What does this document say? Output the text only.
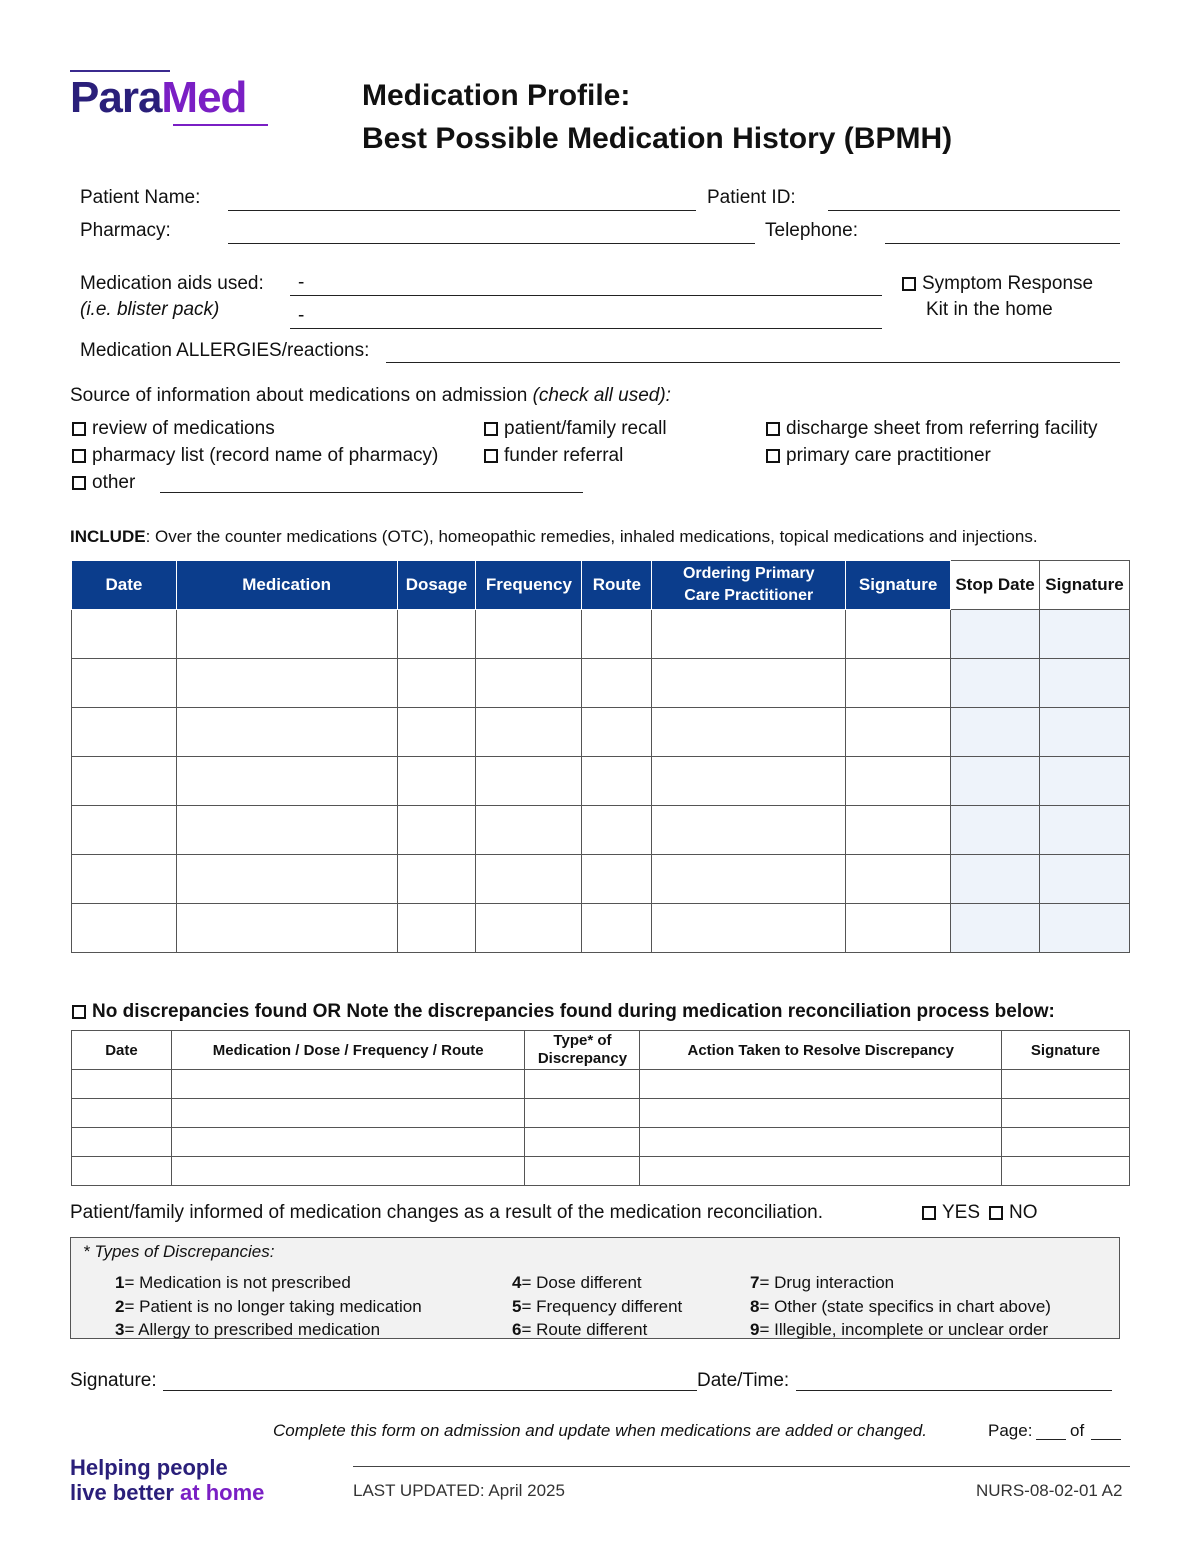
ParaMed	Medication Profile:
Best Possible Medication History (BPMH)
Patient Name:	Patient ID:
Pharmacy:	Telephone:
Medication aids used:
(i.e. blister pack)
-
-
Symptom Response
Kit in the home
Medication ALLERGIES/reactions:
Source of information about medications on admission (check all used):
review of medications
pharmacy list (record name of pharmacy)
other
patient/family recall
funder referral
discharge sheet from referring facility
primary care practitioner
INCLUDE: Over the counter medications (OTC), homeopathic remedies, inhaled medications, topical medications and injections.
Date	Medication	Dosage	Frequency	Route	Ordering Primary Care Practitioner	Signature	Stop Date	Signature

No discrepancies found OR Note the discrepancies found during medication reconciliation process below:
Date	Medication / Dose / Frequency / Route	Type* of Discrepancy	Action Taken to Resolve Discrepancy	Signature

Patient/family informed of medication changes as a result of the medication reconciliation.	YES	NO
* Types of Discrepancies:
1= Medication is not prescribed
2= Patient is no longer taking medication
3= Allergy to prescribed medication
4= Dose different
5= Frequency different
6= Route different
7= Drug interaction
8= Other (state specifics in chart above)
9= Illegible, incomplete or unclear order
Signature:	Date/Time:
Complete this form on admission and update when medications are added or changed.	Page: of
Helping people
live better at home	LAST UPDATED: April 2025	NURS-08-02-01 A2
